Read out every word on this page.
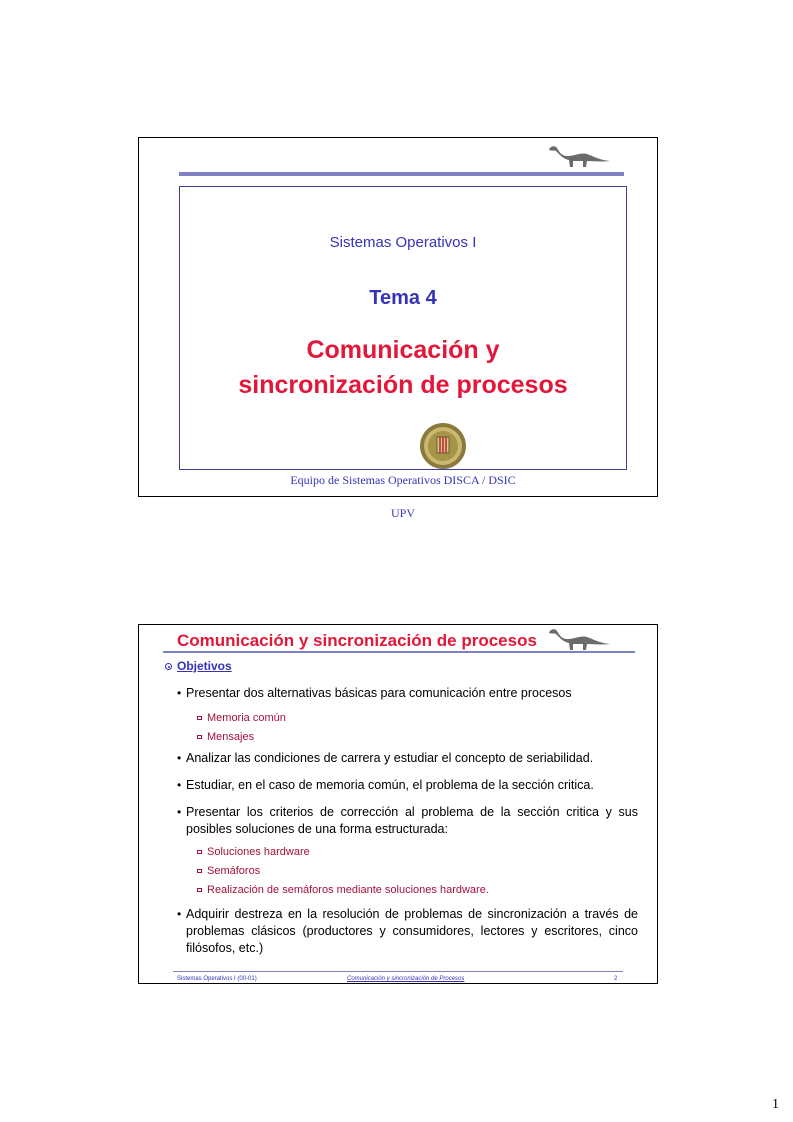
Sistemas Operativos I
Tema 4
Comunicación y
sincronización de procesos
Equipo de Sistemas Operativos DISCA / DSIC
UPV
Comunicación y sincronización de procesos
Objetivos
• Presentar dos alternativas básicas para comunicación entre procesos
Memoria común
Mensajes
• Analizar las condiciones de carrera y estudiar el concepto de seriabilidad.
• Estudiar, en el caso de memoria común, el problema de la sección critica.
• Presentar los criterios de corrección al problema de la sección critica y sus posibles soluciones de una forma estructurada:
Soluciones hardware
Semáforos
Realización de semáforos mediante soluciones hardware.
• Adquirir destreza en la resolución de problemas de sincronización a través de problemas clásicos (productores y consumidores, lectores y escritores, cinco filósofos, etc.)
Sistemas Operativos I (00-01)	Comunicación y sincronización de Procesos	2
1
